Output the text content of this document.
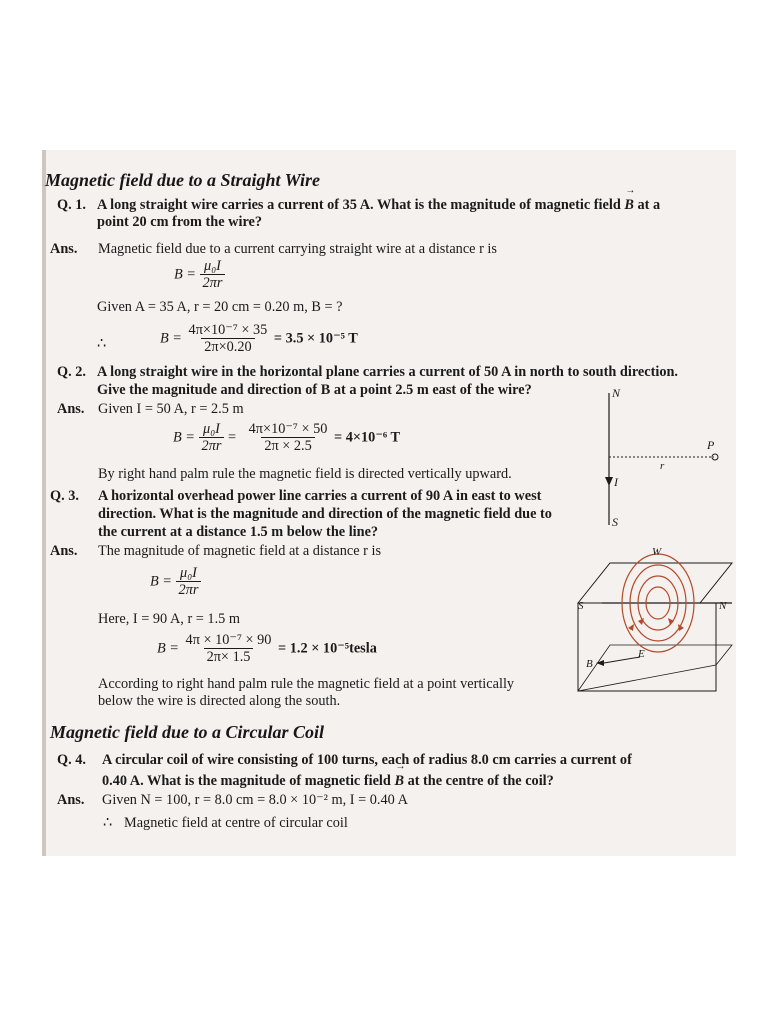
Magnetic field due to a Straight Wire
Q. 1. A long straight wire carries a current of 35 A. What is the magnitude of magnetic field → B at a
point 20 cm from the wire?
Ans. Magnetic field due to a current carrying straight wire at a distance r is
$B = \frac{\text{μ₀I}}{2\pi r}$
Given A = 35 A, r = 20 cm = 0.20 m, B = ?
∴	$B = \frac{\text{4π×10⁻⁷ × 35}}{2\pi\times 0.20} = 3.5 \times 10^{-5}$ T
Q. 2. A long straight wire in the horizontal plane carries a current of 50 A in north to south direction.
Give the magnitude and direction of B at a point 2.5 m east of the wire?
Ans. Given I = 50 A, r = 2.5 m
$B = \frac{\text{μ₀I}}{2\pi r} = \frac{\text{4π×10⁻⁷ × 50}}{2\pi \times 2.5} = 4\times 10^{-6}$ T
By right hand palm rule the magnetic field is directed vertically upward.
N
S
I
P
r
Q. 3. A horizontal overhead power line carries a current of 90 A in east to west
direction. What is the magnitude and direction of the magnetic field due to
the current at a distance 1.5 m below the line?
Ans. The magnitude of magnetic field at a distance r is
$B = \frac{\text{μ₀I}}{2\pi r}$
Here, I = 90 A, r = 1.5 m
$B = \frac{\text{4π × 10⁻⁷ × 90}}{2\pi\times 1.5} = 1.2$ × 10⁻⁵tesla
According to right hand palm rule the magnetic field at a point vertically
below the wire is directed along the south.
W
S	N
E
B
Magnetic field due to a Circular Coil
Q. 4. A circular coil of wire consisting of 100 turns, each of radius 8.0 cm carries a current of
0.40 A. What is the magnitude of magnetic field → B at the centre of the coil?
Ans. Given N = 100, r = 8.0 cm = 8.0 × 10⁻² m, I = 0.40 A
∴ Magnetic field at centre of circular coil
